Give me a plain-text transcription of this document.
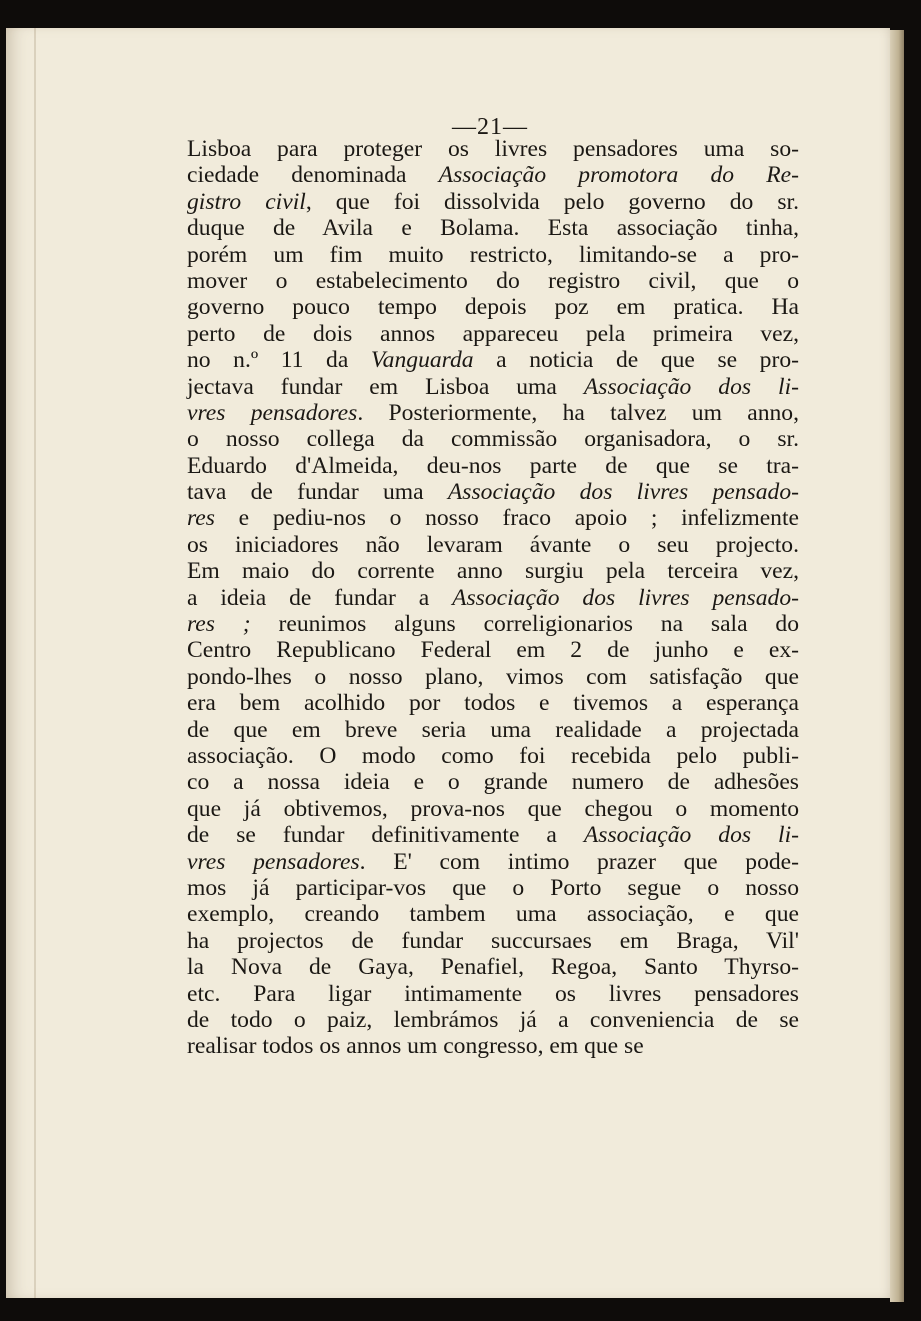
—21—
Lisboa para proteger os livres pensadores uma so-
ciedade denominada Associação promotora do Re-
gistro civil, que foi dissolvida pelo governo do sr.
duque de Avila e Bolama. Esta associação tinha,
porém um fim muito restricto, limitando-se a pro-
mover o estabelecimento do registro civil, que o
governo pouco tempo depois poz em pratica. Ha
perto de dois annos appareceu pela primeira vez,
no n.º 11 da Vanguarda a noticia de que se pro-
jectava fundar em Lisboa uma Associação dos li-
vres pensadores. Posteriormente, ha talvez um anno,
o nosso collega da commissão organisadora, o sr.
Eduardo d'Almeida, deu-nos parte de que se tra-
tava de fundar uma Associação dos livres pensado-
res e pediu-nos o nosso fraco apoio ; infelizmente
os iniciadores não levaram ávante o seu projecto.
Em maio do corrente anno surgiu pela terceira vez,
a ideia de fundar a Associação dos livres pensado-
res ; reunimos alguns correligionarios na sala do
Centro Republicano Federal em 2 de junho e ex-
pondo-lhes o nosso plano, vimos com satisfação que
era bem acolhido por todos e tivemos a esperança
de que em breve seria uma realidade a projectada
associação. O modo como foi recebida pelo publi-
co a nossa ideia e o grande numero de adhesões
que já obtivemos, prova-nos que chegou o momento
de se fundar definitivamente a Associação dos li-
vres pensadores. E' com intimo prazer que pode-
mos já participar-vos que o Porto segue o nosso
exemplo, creando tambem uma associação, e que
ha projectos de fundar succursaes em Braga, Vil'
la Nova de Gaya, Penafiel, Regoa, Santo Thyrso-
etc. Para ligar intimamente os livres pensadores
de todo o paiz, lembrámos já a conveniencia de se
realisar todos os annos um congresso, em que se
